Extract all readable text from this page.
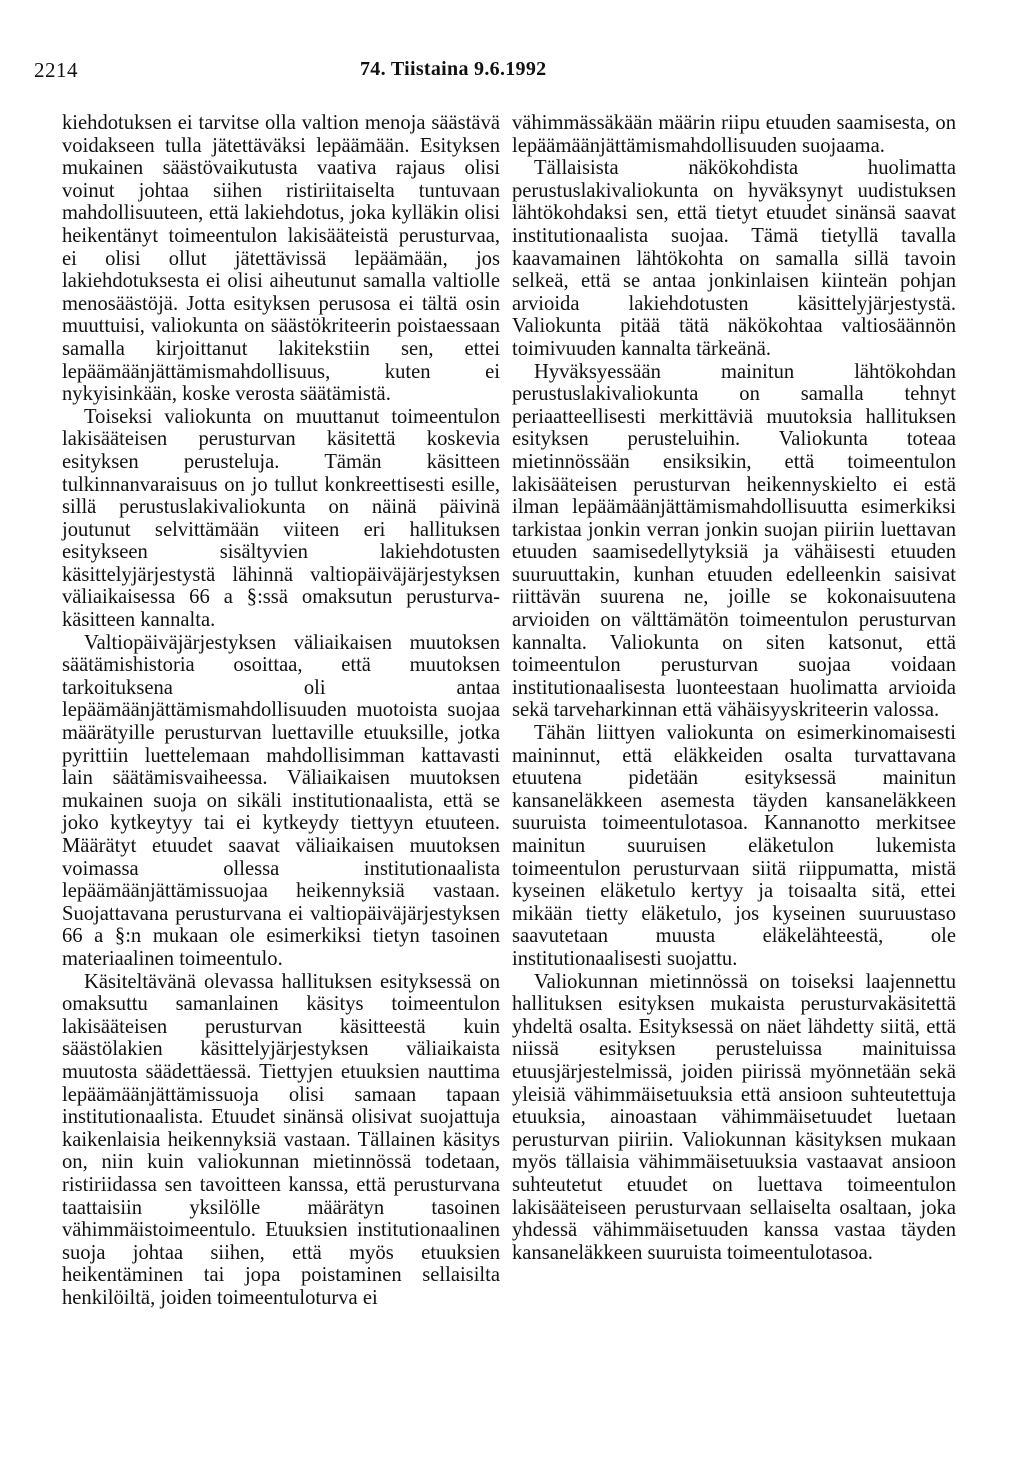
2214	74. Tiistaina 9.6.1992

kiehdotuksen ei tarvitse olla valtion menoja säästävä voidakseen tulla jätettäväksi lepäämään. Esityksen mukainen säästövaikutusta vaativa rajaus olisi voinut johtaa siihen ristiriitaiselta tuntuvaan mahdollisuuteen, että lakiehdotus, joka kylläkin olisi heikentänyt toimeentulon lakisääteistä perusturvaa, ei olisi ollut jätettävissä lepäämään, jos lakiehdotuksesta ei olisi aiheutunut samalla valtiolle menosäästöjä. Jotta esityksen perusosa ei tältä osin muuttuisi, valiokunta on säästökriteerin poistaessaan samalla kirjoittanut lakitekstiin sen, ettei lepäämäänjättämismahdollisuus, kuten ei nykyisinkään, koske verosta säätämistä.

Toiseksi valiokunta on muuttanut toimeentulon lakisääteisen perusturvan käsitettä koskevia esityksen perusteluja. Tämän käsitteen tulkinnanvaraisuus on jo tullut konkreettisesti esille, sillä perustuslakivaliokunta on näinä päivinä joutunut selvittämään viiteen eri hallituksen esitykseen sisältyvien lakiehdotusten käsittelyjärjestystä lähinnä valtiopäiväjärjestyksen väliaikaisessa 66 a §:ssä omaksutun perusturva-käsitteen kannalta.

Valtiopäiväjärjestyksen väliaikaisen muutoksen säätämishistoria osoittaa, että muutoksen tarkoituksena oli antaa lepäämäänjättämismahdollisuuden muotoista suojaa määrätyille perusturvan luettaville etuuksille, jotka pyrittiin luettelemaan mahdollisimman kattavasti lain säätämisvaiheessa. Väliaikaisen muutoksen mukainen suoja on sikäli institutionaalista, että se joko kytkeytyy tai ei kytkeydy tiettyyn etuuteen. Määrätyt etuudet saavat väliaikaisen muutoksen voimassa ollessa institutionaalista lepäämäänjättämissuojaa heikennyksiä vastaan. Suojattavana perusturvana ei valtiopäiväjärjestyksen 66 a §:n mukaan ole esimerkiksi tietyn tasoinen materiaalinen toimeentulo.

Käsiteltävänä olevassa hallituksen esityksessä on omaksuttu samanlainen käsitys toimeentulon lakisääteisen perusturvan käsitteestä kuin säästölakien käsittelyjärjestyksen väliaikaista muutosta säädettäessä. Tiettyjen etuuksien nauttima lepäämäänjättämissuoja olisi samaan tapaan institutionaalista. Etuudet sinänsä olisivat suojattuja kaikenlaisia heikennyksiä vastaan. Tällainen käsitys on, niin kuin valiokunnan mietinnössä todetaan, ristiriidassa sen tavoitteen kanssa, että perusturvana taattaisiin yksilölle määrätyn tasoinen vähimmäistoimeentulo. Etuuksien institutionaalinen suoja johtaa siihen, että myös etuuksien heikentäminen tai jopa poistaminen sellaisilta henkilöiltä, joiden toimeentuloturva ei

vähimmässäkään määrin riipu etuuden saamisesta, on lepäämäänjättämismahdollisuuden suojaama.

Tällaisista näkökohdista huolimatta perustuslakivaliokunta on hyväksynyt uudistuksen lähtökohdaksi sen, että tietyt etuudet sinänsä saavat institutionaalista suojaa. Tämä tietyllä tavalla kaavamainen lähtökohta on samalla sillä tavoin selkeä, että se antaa jonkinlaisen kiinteän pohjan arvioida lakiehdotusten käsittelyjärjestystä. Valiokunta pitää tätä näkökohtaa valtiosäännön toimivuuden kannalta tärkeänä.

Hyväksyessään mainitun lähtökohdan perustuslakivaliokunta on samalla tehnyt periaatteellisesti merkittäviä muutoksia hallituksen esityksen perusteluihin. Valiokunta toteaa mietinnössään ensiksikin, että toimeentulon lakisääteisen perusturvan heikennyskielto ei estä ilman lepäämäänjättämismahdollisuutta esimerkiksi tarkistaa jonkin verran jonkin suojan piiriin luettavan etuuden saamisedellytyksiä ja vähäisesti etuuden suuruuttakin, kunhan etuuden edelleenkin saisivat riittävän suurena ne, joille se kokonaisuutena arvioiden on välttämätön toimeentulon perusturvan kannalta. Valiokunta on siten katsonut, että toimeentulon perusturvan suojaa voidaan institutionaalisesta luonteestaan huolimatta arvioida sekä tarveharkinnan että vähäisyyskriteerin valossa.

Tähän liittyen valiokunta on esimerkinomaisesti maininnut, että eläkkeiden osalta turvattavana etuutena pidetään esityksessä mainitun kansaneläkkeen asemesta täyden kansaneläkkeen suuruista toimeentulotasoa. Kannanotto merkitsee mainitun suuruisen eläketulon lukemista toimeentulon perusturvaan siitä riippumatta, mistä kyseinen eläketulo kertyy ja toisaalta sitä, ettei mikään tietty eläketulo, jos kyseinen suuruustaso saavutetaan muusta eläkelähteestä, ole institutionaalisesti suojattu.

Valiokunnan mietinnössä on toiseksi laajennettu hallituksen esityksen mukaista perusturvakäsitettä yhdeltä osalta. Esityksessä on näet lähdetty siitä, että niissä esityksen perusteluissa mainituissa etuusjärjestelmissä, joiden piirissä myönnetään sekä yleisiä vähimmäisetuuksia että ansioon suhteutettuja etuuksia, ainoastaan vähimmäisetuudet luetaan perusturvan piiriin. Valiokunnan käsityksen mukaan myös tällaisia vähimmäisetuuksia vastaavat ansioon suhteutetut etuudet on luettava toimeentulon lakisääteiseen perusturvaan sellaiselta osaltaan, joka yhdessä vähimmäisetuuden kanssa vastaa täyden kansaneläkkeen suuruista toimeentulotasoa.
